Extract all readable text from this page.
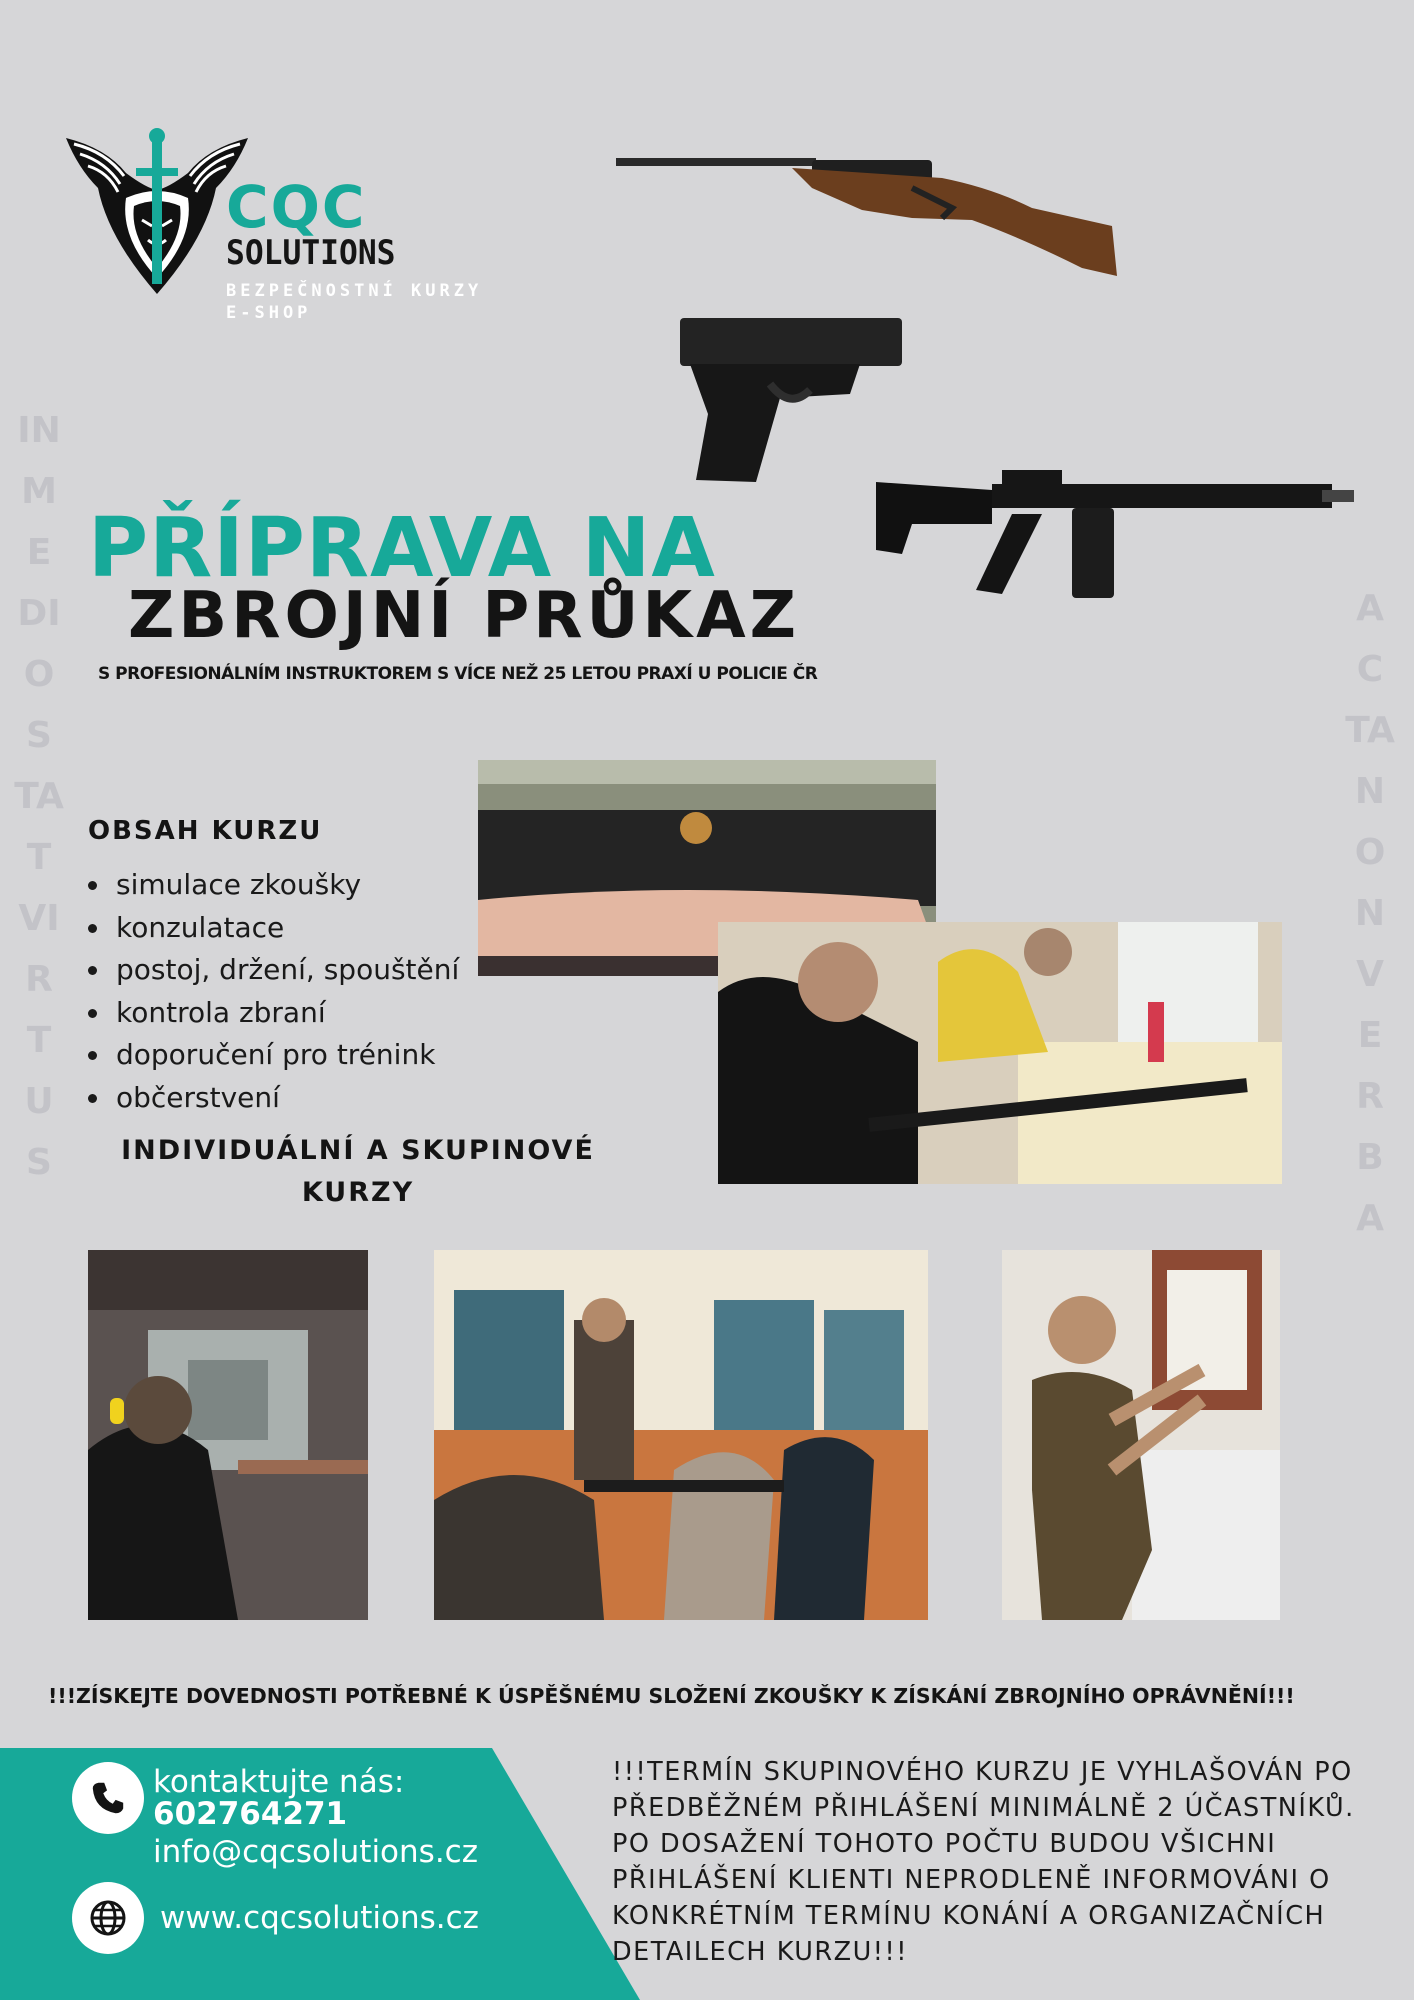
CQC
SOLUTIONS
BEZPEČNOSTNÍ KURZY
E-SHOP
IN MEDIO STAT VIRTUS
ACTA NON VERBA
PŘÍPRAVA NA
ZBROJNÍ PRŮKAZ
S PROFESIONÁLNÍM INSTRUKTOREM S VÍCE NEŽ 25 LETOU PRAXÍ U POLICIE ČR
OBSAH KURZU
• simulace zkoušky
• konzulatace
• postoj, držení, spouštění
• kontrola zbraní
• doporučení pro trénink
• občerstvení
INDIVIDUÁLNÍ A SKUPINOVÉ KURZY
!!!ZÍSKEJTE DOVEDNOSTI POTŘEBNÉ K ÚSPĚŠNÉMU SLOŽENÍ ZKOUŠKY K ZÍSKÁNÍ ZBROJNÍHO OPRÁVNĚNÍ!!!
kontaktujte nás:
602764271
info@cqcsolutions.cz
www.cqcsolutions.cz
!!!TERMÍN SKUPINOVÉHO KURZU JE VYHLAŠOVÁN PO PŘEDBĚŽNÉM PŘIHLÁŠENÍ MINIMÁLNĚ 2 ÚČASTNÍKŮ. PO DOSAŽENÍ TOHOTO POČTU BUDOU VŠICHNI PŘIHLÁŠENÍ KLIENTI NEPRODLENĚ INFORMOVÁNI O KONKRÉTNÍM TERMÍNU KONÁNÍ A ORGANIZAČNÍCH DETAILECH KURZU!!!
